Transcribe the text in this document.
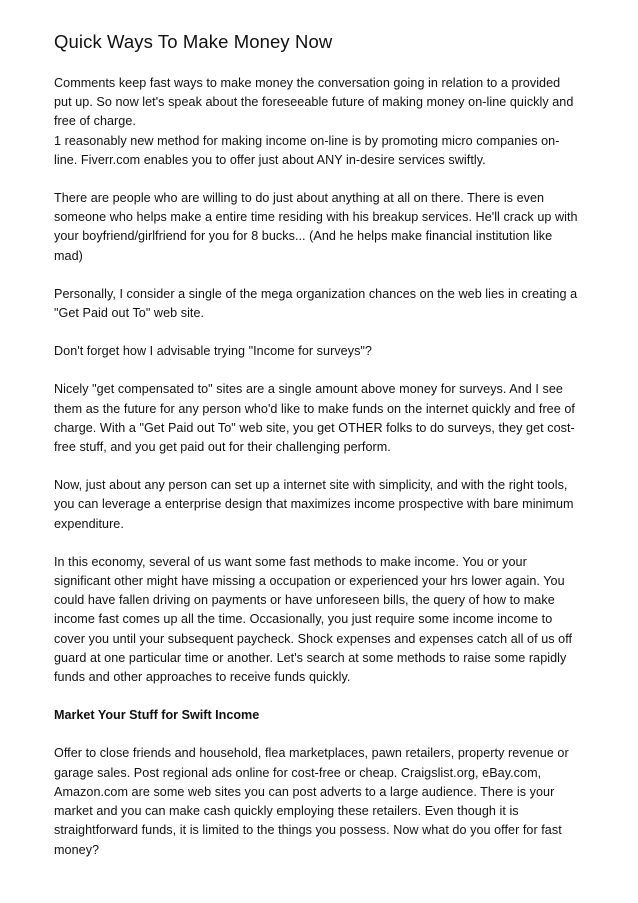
Quick Ways To Make Money Now

Comments keep fast ways to make money the conversation going in relation to a provided
put up. So now let's speak about the foreseeable future of making money on-line quickly and
free of charge.
1 reasonably new method for making income on-line is by promoting micro companies on-
line. Fiverr.com enables you to offer just about ANY in-desire services swiftly.

There are people who are willing to do just about anything at all on there. There is even
someone who helps make a entire time residing with his breakup services. He'll crack up with
your boyfriend/girlfriend for you for 8 bucks... (And he helps make financial institution like
mad)

Personally, I consider a single of the mega organization chances on the web lies in creating a
"Get Paid out To" web site.

Don't forget how I advisable trying "Income for surveys"?

Nicely "get compensated to" sites are a single amount above money for surveys. And I see
them as the future for any person who'd like to make funds on the internet quickly and free of
charge. With a "Get Paid out To" web site, you get OTHER folks to do surveys, they get cost-
free stuff, and you get paid out for their challenging perform.

Now, just about any person can set up a internet site with simplicity, and with the right tools,
you can leverage a enterprise design that maximizes income prospective with bare minimum
expenditure.

In this economy, several of us want some fast methods to make income. You or your
significant other might have missing a occupation or experienced your hrs lower again. You
could have fallen driving on payments or have unforeseen bills, the query of how to make
income fast comes up all the time. Occasionally, you just require some income income to
cover you until your subsequent paycheck. Shock expenses and expenses catch all of us off
guard at one particular time or another. Let's search at some methods to raise some rapidly
funds and other approaches to receive funds quickly.

Market Your Stuff for Swift Income

Offer to close friends and household, flea marketplaces, pawn retailers, property revenue or
garage sales. Post regional ads online for cost-free or cheap. Craigslist.org, eBay.com,
Amazon.com are some web sites you can post adverts to a large audience. There is your
market and you can make cash quickly employing these retailers. Even though it is
straightforward funds, it is limited to the things you possess. Now what do you offer for fast
money?
